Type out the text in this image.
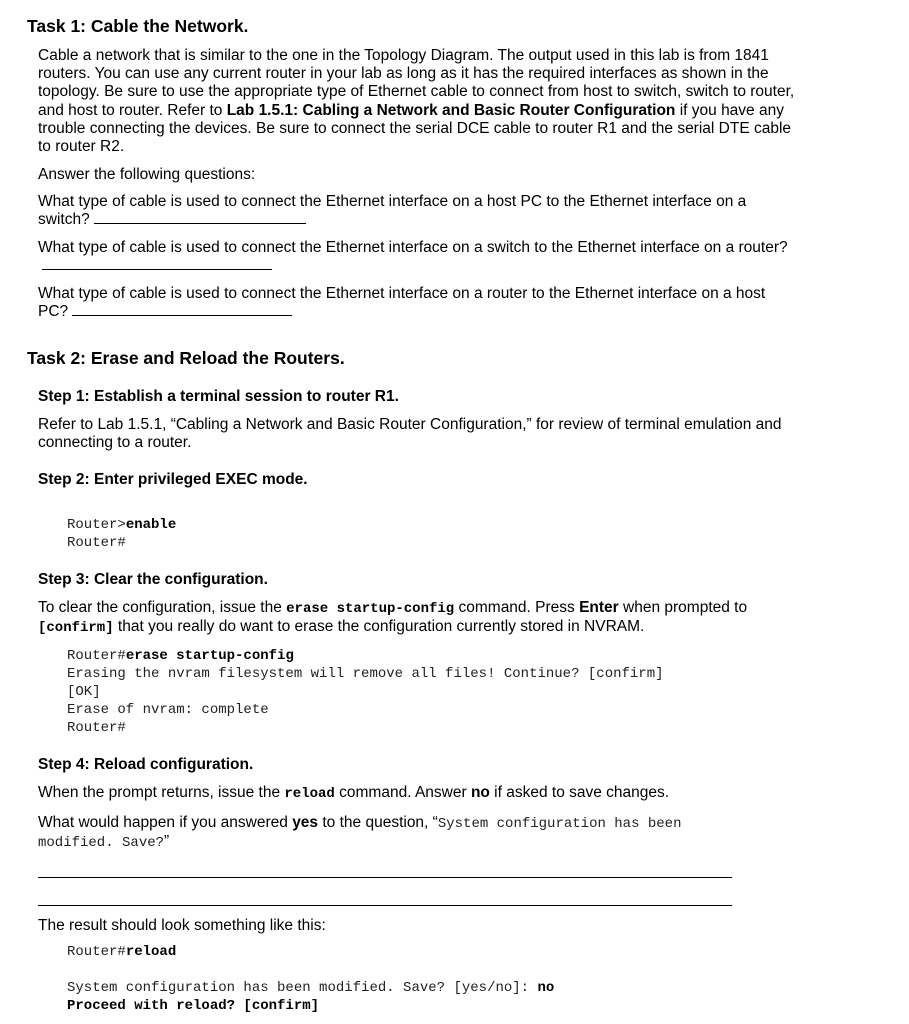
Task 1: Cable the Network.

Cable a network that is similar to the one in the Topology Diagram. The output used in this lab is from 1841 routers. You can use any current router in your lab as long as it has the required interfaces as shown in the topology. Be sure to use the appropriate type of Ethernet cable to connect from host to switch, switch to router, and host to router. Refer to Lab 1.5.1: Cabling a Network and Basic Router Configuration if you have any trouble connecting the devices. Be sure to connect the serial DCE cable to router R1 and the serial DTE cable to router R2.

Answer the following questions:

What type of cable is used to connect the Ethernet interface on a host PC to the Ethernet interface on a switch?

What type of cable is used to connect the Ethernet interface on a switch to the Ethernet interface on a router?

What type of cable is used to connect the Ethernet interface on a router to the Ethernet interface on a host PC?

Task 2: Erase and Reload the Routers.
Step 1: Establish a terminal session to router R1.

Refer to Lab 1.5.1, “Cabling a Network and Basic Router Configuration,” for review of terminal emulation and connecting to a router.

Step 2: Enter privileged EXEC mode.
Router>enable
Router#
Step 3: Clear the configuration.

To clear the configuration, issue the erase startup-config command. Press Enter when prompted to [confirm] that you really do want to erase the configuration currently stored in NVRAM.

Router#erase startup-config
Erasing the nvram filesystem will remove all files! Continue? [confirm]
[OK]
Erase of nvram: complete
Router#
Step 4: Reload configuration.

When the prompt returns, issue the reload command. Answer no if asked to save changes.

What would happen if you answered yes to the question, “System configuration has been modified. Save?”

The result should look something like this:

Router#reload

System configuration has been modified. Save? [yes/no]: no
Proceed with reload? [confirm]
